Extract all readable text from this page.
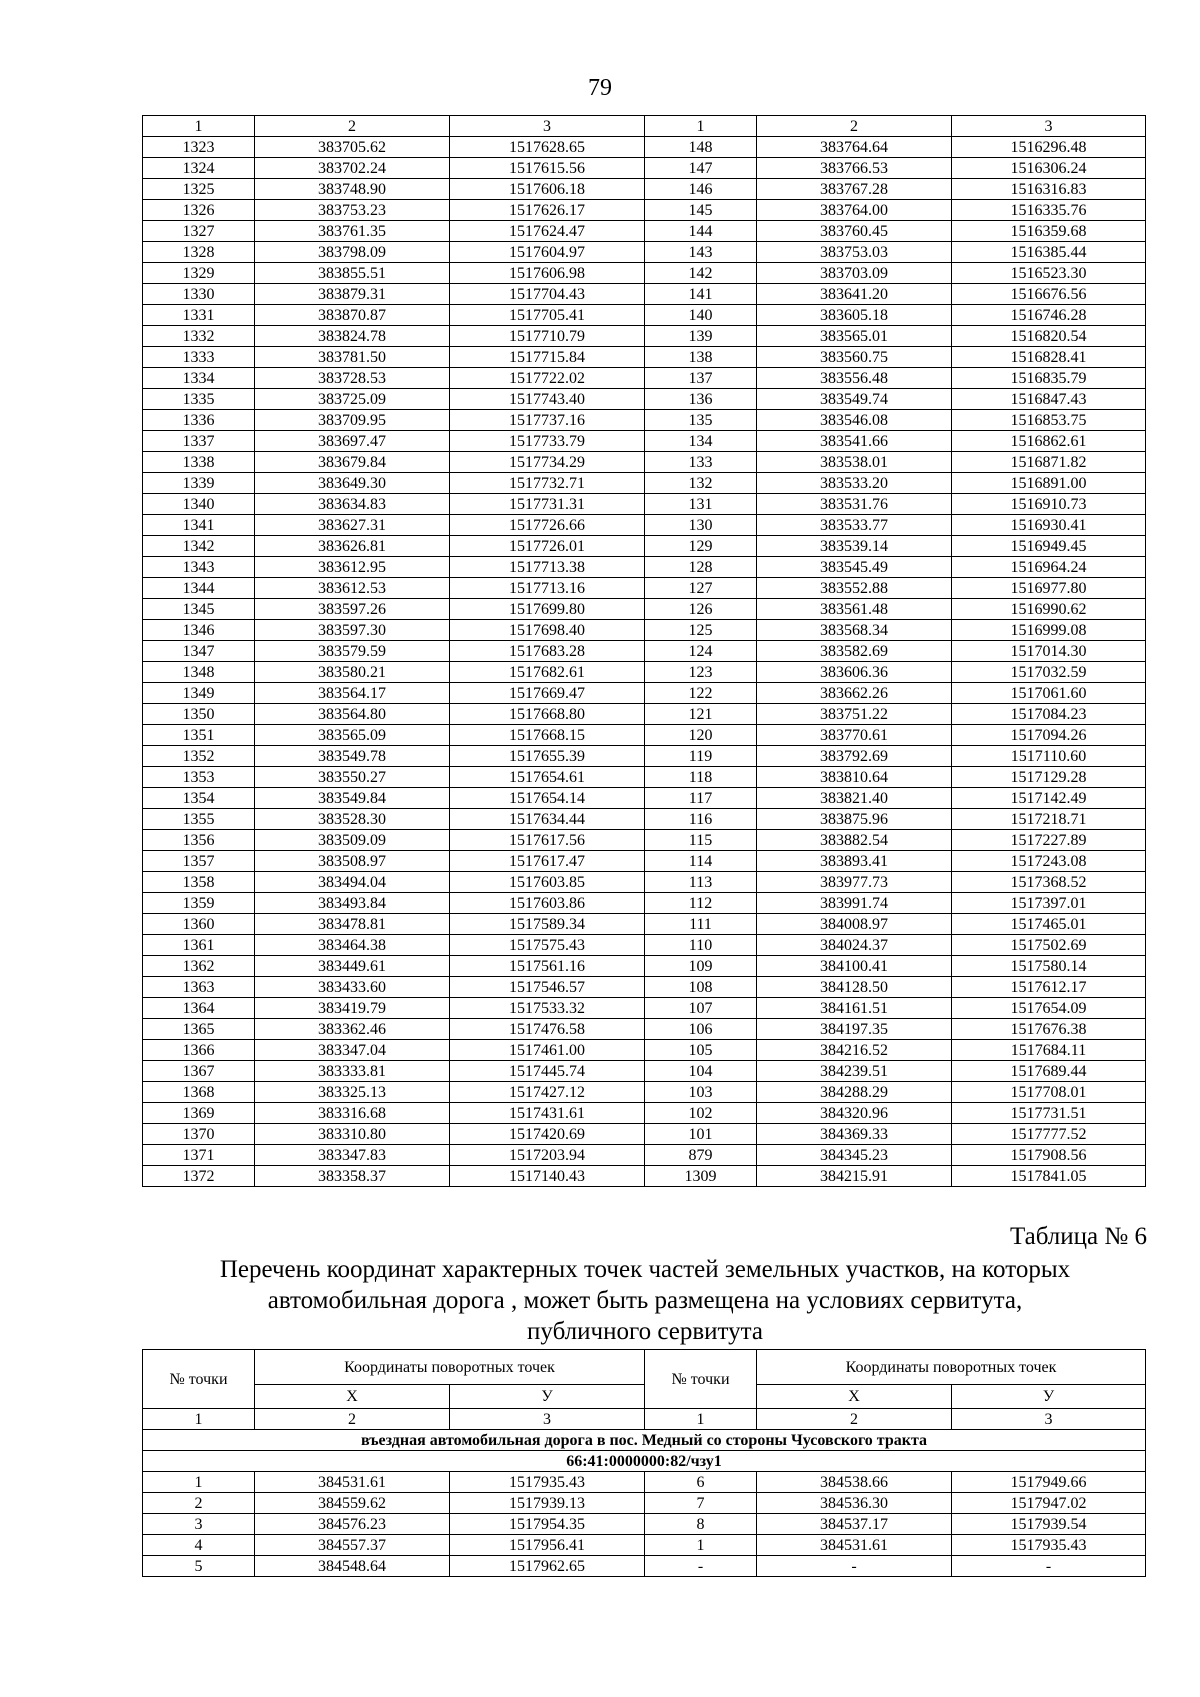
79
1	2	3	1	2	3
1323	383705.62	1517628.65	148	383764.64	1516296.48
1324	383702.24	1517615.56	147	383766.53	1516306.24
1325	383748.90	1517606.18	146	383767.28	1516316.83
1326	383753.23	1517626.17	145	383764.00	1516335.76
1327	383761.35	1517624.47	144	383760.45	1516359.68
1328	383798.09	1517604.97	143	383753.03	1516385.44
1329	383855.51	1517606.98	142	383703.09	1516523.30
1330	383879.31	1517704.43	141	383641.20	1516676.56
1331	383870.87	1517705.41	140	383605.18	1516746.28
1332	383824.78	1517710.79	139	383565.01	1516820.54
1333	383781.50	1517715.84	138	383560.75	1516828.41
1334	383728.53	1517722.02	137	383556.48	1516835.79
1335	383725.09	1517743.40	136	383549.74	1516847.43
1336	383709.95	1517737.16	135	383546.08	1516853.75
1337	383697.47	1517733.79	134	383541.66	1516862.61
1338	383679.84	1517734.29	133	383538.01	1516871.82
1339	383649.30	1517732.71	132	383533.20	1516891.00
1340	383634.83	1517731.31	131	383531.76	1516910.73
1341	383627.31	1517726.66	130	383533.77	1516930.41
1342	383626.81	1517726.01	129	383539.14	1516949.45
1343	383612.95	1517713.38	128	383545.49	1516964.24
1344	383612.53	1517713.16	127	383552.88	1516977.80
1345	383597.26	1517699.80	126	383561.48	1516990.62
1346	383597.30	1517698.40	125	383568.34	1516999.08
1347	383579.59	1517683.28	124	383582.69	1517014.30
1348	383580.21	1517682.61	123	383606.36	1517032.59
1349	383564.17	1517669.47	122	383662.26	1517061.60
1350	383564.80	1517668.80	121	383751.22	1517084.23
1351	383565.09	1517668.15	120	383770.61	1517094.26
1352	383549.78	1517655.39	119	383792.69	1517110.60
1353	383550.27	1517654.61	118	383810.64	1517129.28
1354	383549.84	1517654.14	117	383821.40	1517142.49
1355	383528.30	1517634.44	116	383875.96	1517218.71
1356	383509.09	1517617.56	115	383882.54	1517227.89
1357	383508.97	1517617.47	114	383893.41	1517243.08
1358	383494.04	1517603.85	113	383977.73	1517368.52
1359	383493.84	1517603.86	112	383991.74	1517397.01
1360	383478.81	1517589.34	111	384008.97	1517465.01
1361	383464.38	1517575.43	110	384024.37	1517502.69
1362	383449.61	1517561.16	109	384100.41	1517580.14
1363	383433.60	1517546.57	108	384128.50	1517612.17
1364	383419.79	1517533.32	107	384161.51	1517654.09
1365	383362.46	1517476.58	106	384197.35	1517676.38
1366	383347.04	1517461.00	105	384216.52	1517684.11
1367	383333.81	1517445.74	104	384239.51	1517689.44
1368	383325.13	1517427.12	103	384288.29	1517708.01
1369	383316.68	1517431.61	102	384320.96	1517731.51
1370	383310.80	1517420.69	101	384369.33	1517777.52
1371	383347.83	1517203.94	879	384345.23	1517908.56
1372	383358.37	1517140.43	1309	384215.91	1517841.05
Таблица № 6
Перечень координат характерных точек частей земельных участков, на которых
автомобильная дорога , может быть размещена на условиях сервитута,
публичного сервитута
№ точки	Координаты поворотных точек		№ точки	Координаты поворотных точек	
	Х	У		Х	У
1	2	3	1	2	3
въездная автомобильная дорога в пос. Медный со стороны Чусовского тракта					
66:41:0000000:82/чзу1					
1	384531.61	1517935.43	6	384538.66	1517949.66
2	384559.62	1517939.13	7	384536.30	1517947.02
3	384576.23	1517954.35	8	384537.17	1517939.54
4	384557.37	1517956.41	1	384531.61	1517935.43
5	384548.64	1517962.65	-	-	-
